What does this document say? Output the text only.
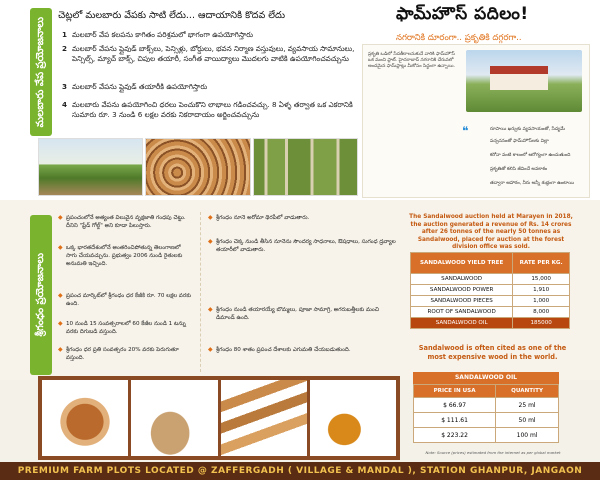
మలబారు వేప ప్రయోజనాలు
చెట్లలో మలబారు వేపకు సాటి లేదు... ఆదాయానికి కొదవ లేదు
1 మలబార్ వేప కలపను కాగితం పరిశ్రమలో భాగంగా ఉపయోగిస్తారు
2 మలబార్ వేపను ప్లైవుడ్ బాక్స్‌లు, పెన్సిళ్లు, బోర్డులు, భవన నిర్మాణ వస్తువులు, వ్యవసాయ సామానులు, పెన్సిల్స్, మ్యాచ్ బాక్స్, చిపుల తయారీ, సంగీత వాయిద్యాలు మొదలగు వాటికి ఉపయోగించవచ్చును
3 మలబార్ వేపను ప్లైవుడ్ తయారీకి ఉపయోగిస్తారు
4 మలబారు వేపను ఉపయోగించి ధరలు పెంచుకొని లాభాలు గడించవచ్చు. 8 ఏళ్ళ తర్వాత ఒక ఎకరానికి సుమారు రూ. 3 నుండి 6 లక్షల వరకు నికరాదాయం అర్జించవచ్చును
ఫామ్‌హౌస్ పదిలం!
నగరానికి దూరంగా.. ప్రకృతికి దగ్గరగా..
ప్రకృతి ఒడిలో సేదతీరాలనుకునే వారికి ఫామ్‌హౌస్ ఒక మంచి ప్లాట్. హైదరాబాద్ నగరానికి చేరువలో అందమైన ఫామ్‌ప్లాట్లు మీకోసం సిద్ధంగా ఉన్నాయి.
❝	రూపాయి ఖర్చుకు వ్యవసాయంతో, సేద్యమే
పచ్చదనంతో ఫామ్‌హౌస్‌లకు విల్లా
కరోనా వంటి కాలంలో ఆరోగ్యంగా ఉంచుతుంది
ప్రకృతితో కలిసి జీవించే అవకాశం
తద్వారా ఆహారం, నీరు అన్నీ శుభ్రంగా ఉంటాయి
శ్రీగంధం ప్రయోజనాలు
◆ ప్రపంచంలోనే అత్యంత విలువైన వృక్షజాతి గంధపు చెట్టు. దీనిని "ఫ్రేడ్ గోల్డ్" అని కూడా పిలుస్తారు.
◆ ఒక్క భారతదేశంలోనే అంతరించిపోతున్న తెలంగాణలో సాగు చేయవచ్చును. ప్రభుత్వం 2006 నుండి రైతులకు అనుమతి ఇచ్చింది.
◆ ప్రపంచ మార్కెట్‌లో శ్రీగంధం ధర కేజీకి రూ. 70 లక్షల వరకు ఉంది.
◆ 10 నుండి 15 సంవత్సరాలలో 60 కేజీల నుండి 1 టన్ను వరకు దిగుబడి వస్తుంది.
◆ శ్రీగంధం ధర ప్రతి సంవత్సరం 20% వరకు పెరుగుతూ వస్తుంది.
◆ శ్రీగంధం నూనె అరోమా థెరపీలో వాడుతారు.
◆ శ్రీగంధం చెక్క నుండి తీసిన నూనెను సౌందర్య సాధనాలు, ఔషధాలు, సుగంధ ద్రవ్యాల తయారీలో వాడుతారు.
◆ శ్రీగంధం నుండి తయారయ్యే బొమ్మలు, పూజా సామాగ్రి, అగరుబత్తీలకు మంచి డిమాండ్ ఉంది.
◆ శ్రీగంధం 80 శాతం ప్రపంచ దేశాలకు ఎగుమతి చేయబడుతుంది.
The Sandalwood auction held at Marayen in 2018, the auction generated a revenue of Rs. 14 crores after 26 tonnes of the nearly 50 tonnes as Sandalwood, placed for auction at the forest division office was sold.
SANDALWOOD YIELD TREE	RATE PER KG.
SANDALWOOD	15,000
SANDALWOOD POWER	1,910
SANDALWOOD PIECES	1,000
ROOT OF SANDALWOOD	8,000
SANDALWOOD OIL	185000
Sandalwood is often cited as one of the most expensive wood in the world.
SANDALWOOD OIL
PRICE IN USA	QUANTITY
$ 66.97	25 ml
$ 111.61	50 ml
$ 223.22	100 ml
Note: Source (prices) estimated from the internet as per global market
PREMIUM FARM PLOTS LOCATED @ ZAFFERGADH ( VILLAGE & MANDAL ), STATION GHANPUR, JANGAON
